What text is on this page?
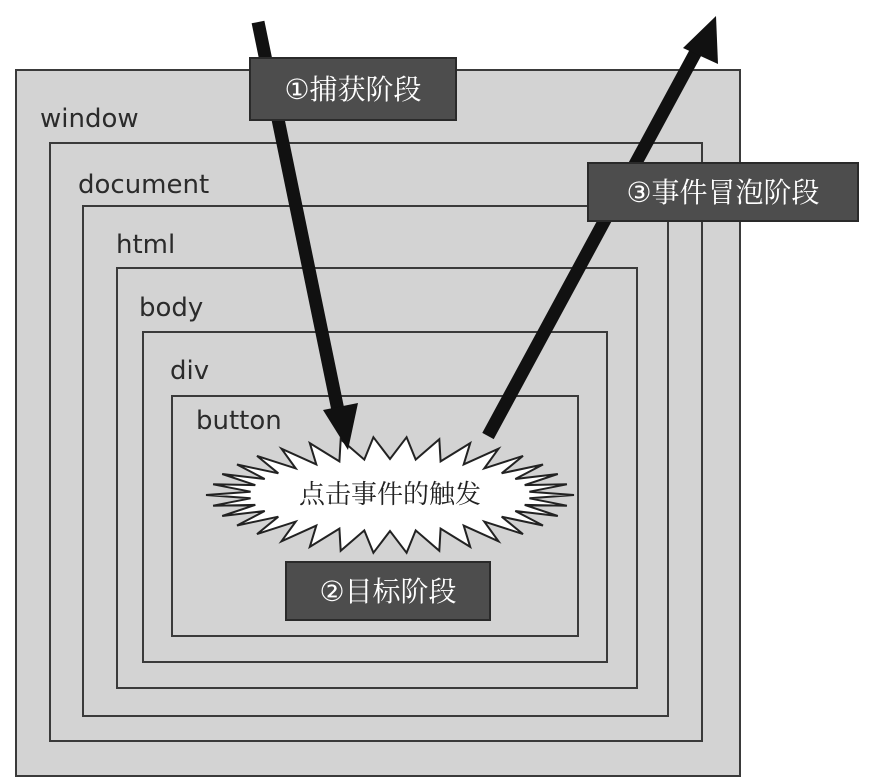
window
document
html
body
div
button
点击事件的触发
②目标阶段
①捕获阶段
③事件冒泡阶段
